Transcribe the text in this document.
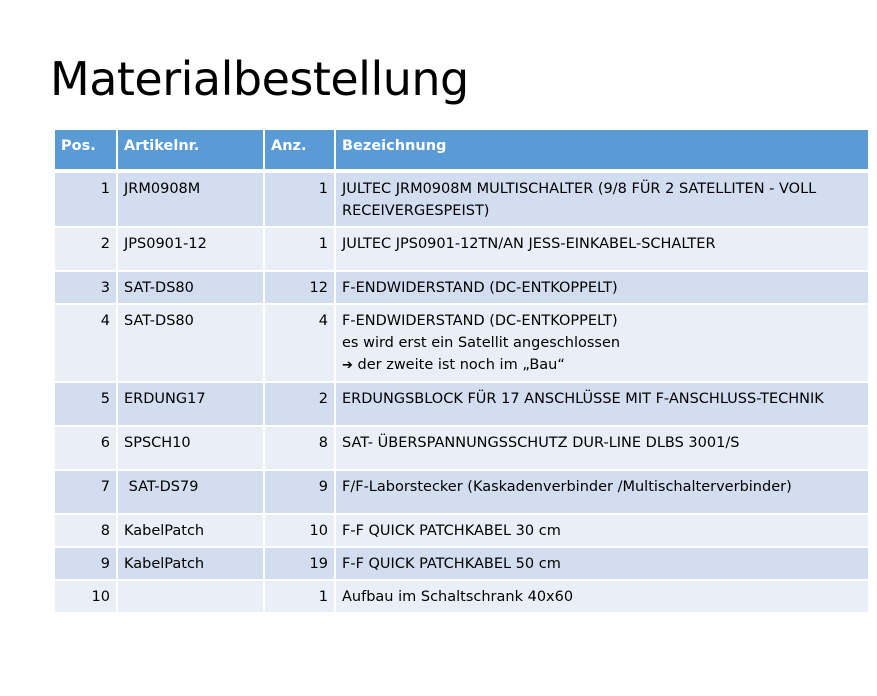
Materialbestellung
Pos.	Artikelnr.	Anz.	Bezeichnung
1	JRM0908M	1	JULTEC JRM0908M MULTISCHALTER (9/8 FÜR 2 SATELLITEN - VOLL
RECEIVERGESPEIST)

2	JPS0901-12	1	JULTEC JPS0901-12TN/AN JESS-EINKABEL-SCHALTER

3	SAT-DS80	12	F-ENDWIDERSTAND (DC-ENTKOPPELT)

4	SAT-DS80	4	F-ENDWIDERSTAND (DC-ENTKOPPELT)
es wird erst ein Satellit angeschlossen
➔ der zweite ist noch im „Bau“

5	ERDUNG17	2	ERDUNGSBLOCK FÜR 17 ANSCHLÜSSE MIT F-ANSCHLUSS-TECHNIK

6	SPSCH10	8	SAT- ÜBERSPANNUNGSSCHUTZ DUR-LINE DLBS 3001/S

7	SAT-DS79	9	F/F-Laborstecker (Kaskadenverbinder /Multischalterverbinder)

8	KabelPatch	10	F-F QUICK PATCHKABEL 30 cm

9	KabelPatch	19	F-F QUICK PATCHKABEL 50 cm

10		1	Aufbau im Schaltschrank 40x60
